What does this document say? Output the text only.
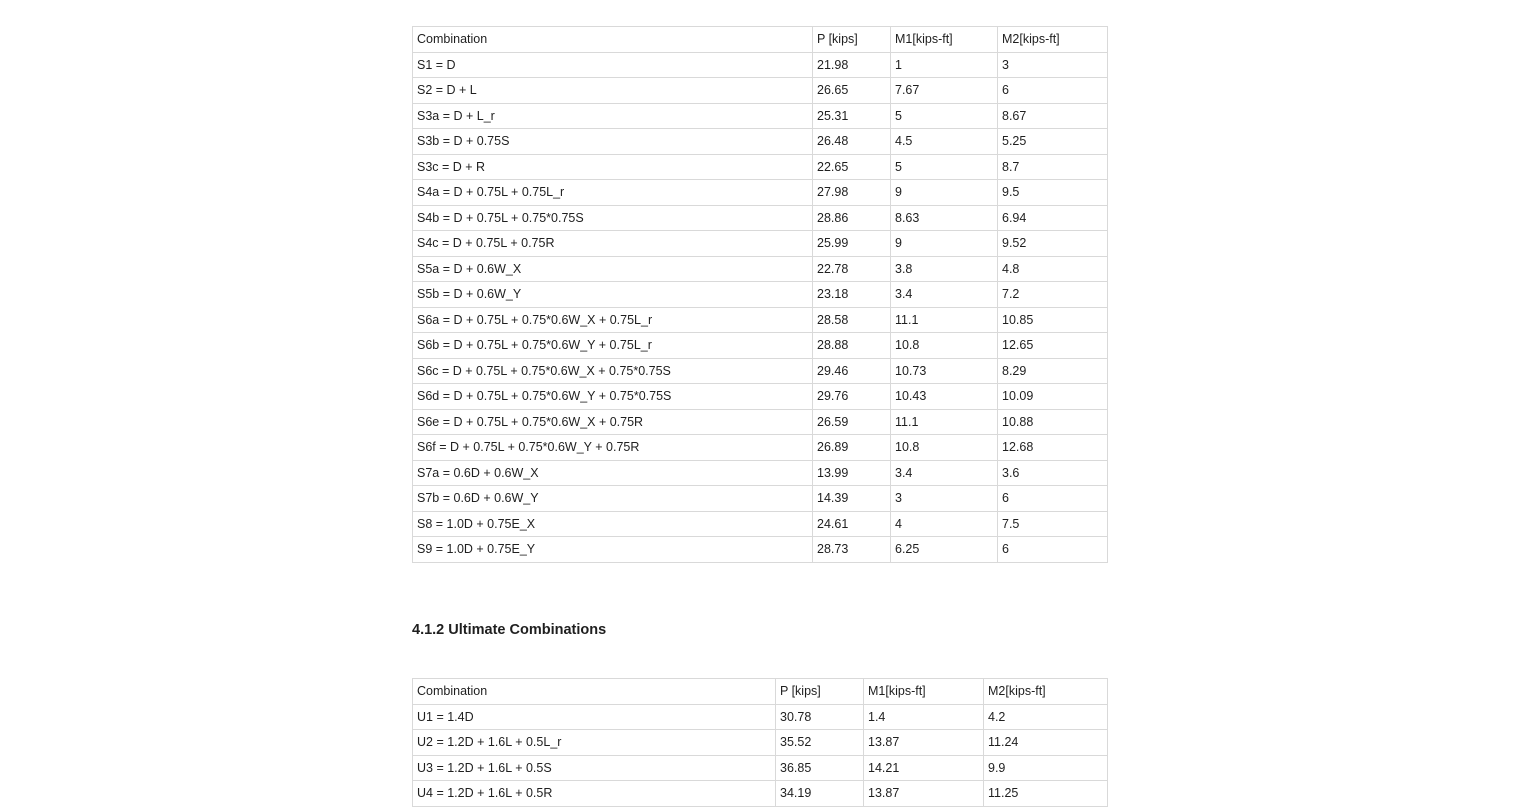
Combination	P [kips]	M1[kips-ft]	M2[kips-ft]
S1 = D	21.98	1	3
S2 = D + L	26.65	7.67	6
S3a = D + L_r	25.31	5	8.67
S3b = D + 0.75S	26.48	4.5	5.25
S3c = D + R	22.65	5	8.7
S4a = D + 0.75L + 0.75L_r	27.98	9	9.5
S4b = D + 0.75L + 0.75*0.75S	28.86	8.63	6.94
S4c = D + 0.75L + 0.75R	25.99	9	9.52
S5a = D + 0.6W_X	22.78	3.8	4.8
S5b = D + 0.6W_Y	23.18	3.4	7.2
S6a = D + 0.75L + 0.75*0.6W_X + 0.75L_r	28.58	11.1	10.85
S6b = D + 0.75L + 0.75*0.6W_Y + 0.75L_r	28.88	10.8	12.65
S6c = D + 0.75L + 0.75*0.6W_X + 0.75*0.75S	29.46	10.73	8.29
S6d = D + 0.75L + 0.75*0.6W_Y + 0.75*0.75S	29.76	10.43	10.09
S6e = D + 0.75L + 0.75*0.6W_X + 0.75R	26.59	11.1	10.88
S6f = D + 0.75L + 0.75*0.6W_Y + 0.75R	26.89	10.8	12.68
S7a = 0.6D + 0.6W_X	13.99	3.4	3.6
S7b = 0.6D + 0.6W_Y	14.39	3	6
S8 = 1.0D + 0.75E_X	24.61	4	7.5
S9 = 1.0D + 0.75E_Y	28.73	6.25	6
4.1.2 Ultimate Combinations
Combination	P [kips]	M1[kips-ft]	M2[kips-ft]
U1 = 1.4D	30.78	1.4	4.2
U2 = 1.2D + 1.6L + 0.5L_r	35.52	13.87	11.24
U3 = 1.2D + 1.6L + 0.5S	36.85	14.21	9.9
U4 = 1.2D + 1.6L + 0.5R	34.19	13.87	11.25
